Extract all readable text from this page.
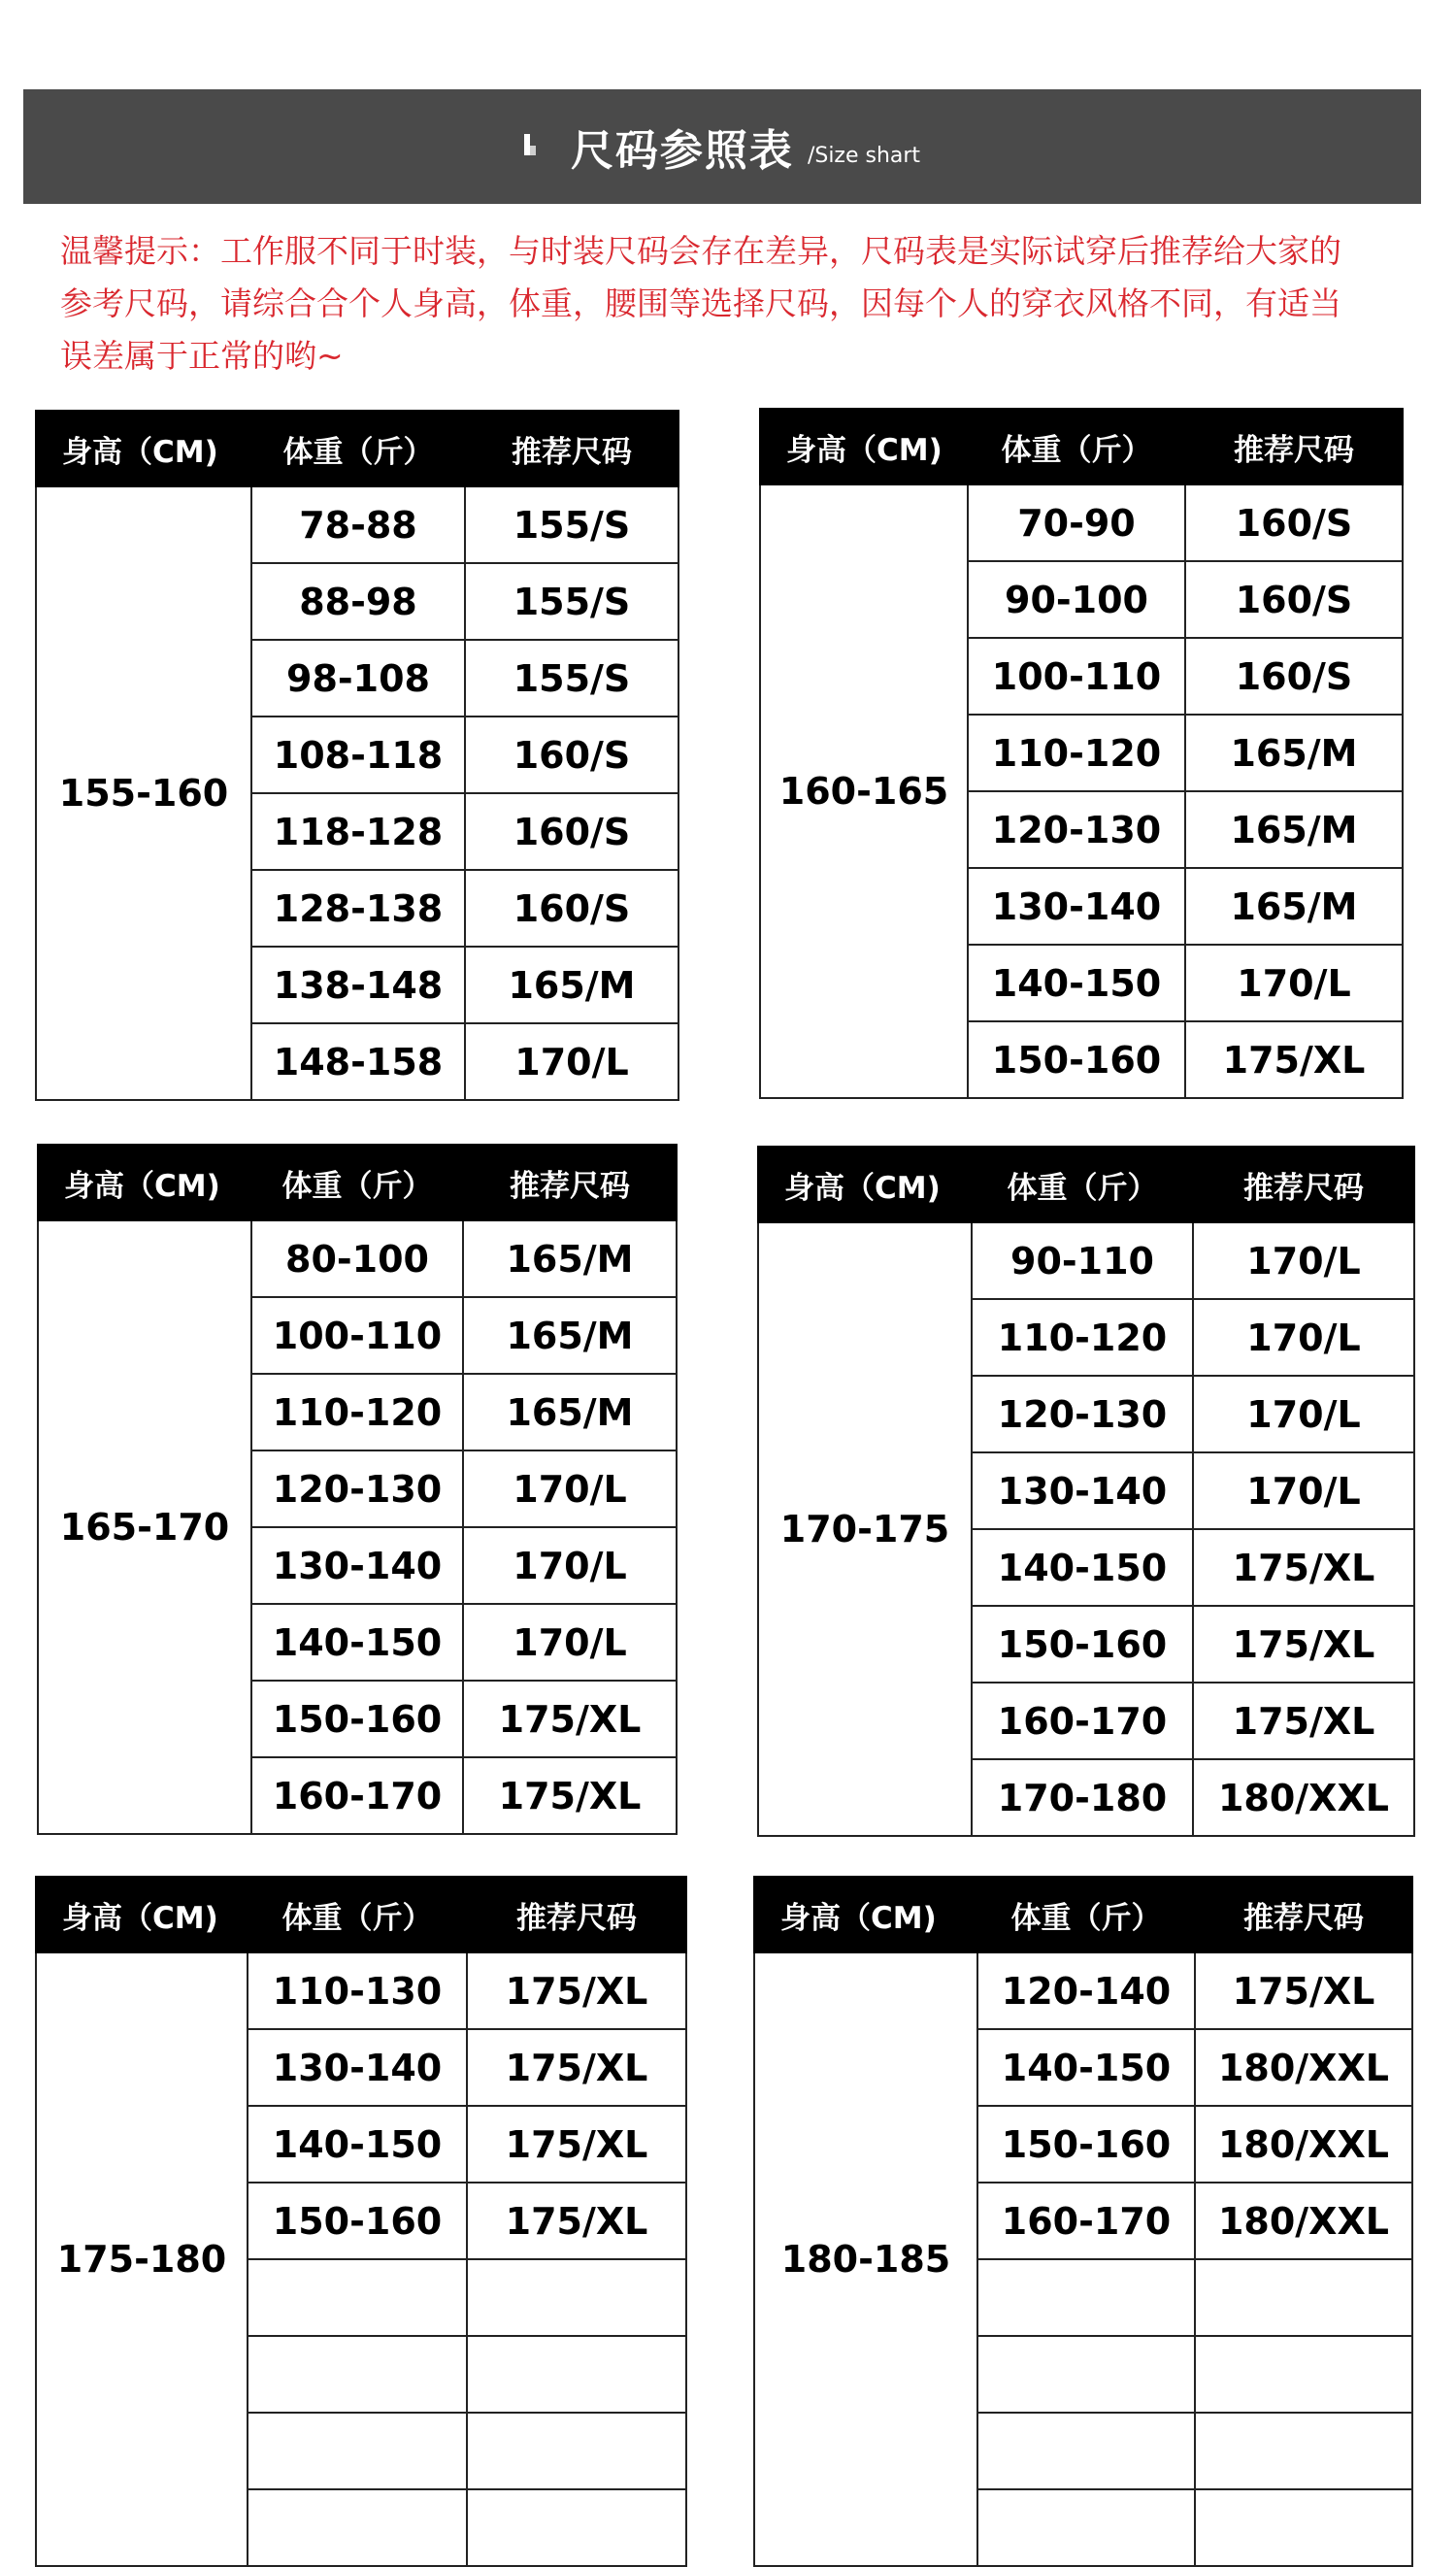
尺码参照表 /Size shart
温馨提示：工作服不同于时装，与时装尺码会存在差异，尺码表是实际试穿后推荐给大家的参考尺码，请综合合个人身高，体重，腰围等选择尺码，因每个人的穿衣风格不同，有适当误差属于正常的哟~
身高（CM)	体重（斤）	推荐尺码
155-160	78-88	155/S
	88-98	155/S
	98-108	155/S
	108-118	160/S
	118-128	160/S
	128-138	160/S
	138-148	165/M
	148-158	170/L
身高（CM)	体重（斤）	推荐尺码
160-165	70-90	160/S
	90-100	160/S
	100-110	160/S
	110-120	165/M
	120-130	165/M
	130-140	165/M
	140-150	170/L
	150-160	175/XL
身高（CM)	体重（斤）	推荐尺码
165-170	80-100	165/M
	100-110	165/M
	110-120	165/M
	120-130	170/L
	130-140	170/L
	140-150	170/L
	150-160	175/XL
	160-170	175/XL
身高（CM)	体重（斤）	推荐尺码
170-175	90-110	170/L
	110-120	170/L
	120-130	170/L
	130-140	170/L
	140-150	175/XL
	150-160	175/XL
	160-170	175/XL
	170-180	180/XXL
身高（CM)	体重（斤）	推荐尺码
175-180	110-130	175/XL
	130-140	175/XL
	140-150	175/XL
	150-160	175/XL

身高（CM)	体重（斤）	推荐尺码
180-185	120-140	175/XL
	140-150	180/XXL
	150-160	180/XXL
	160-170	180/XXL
